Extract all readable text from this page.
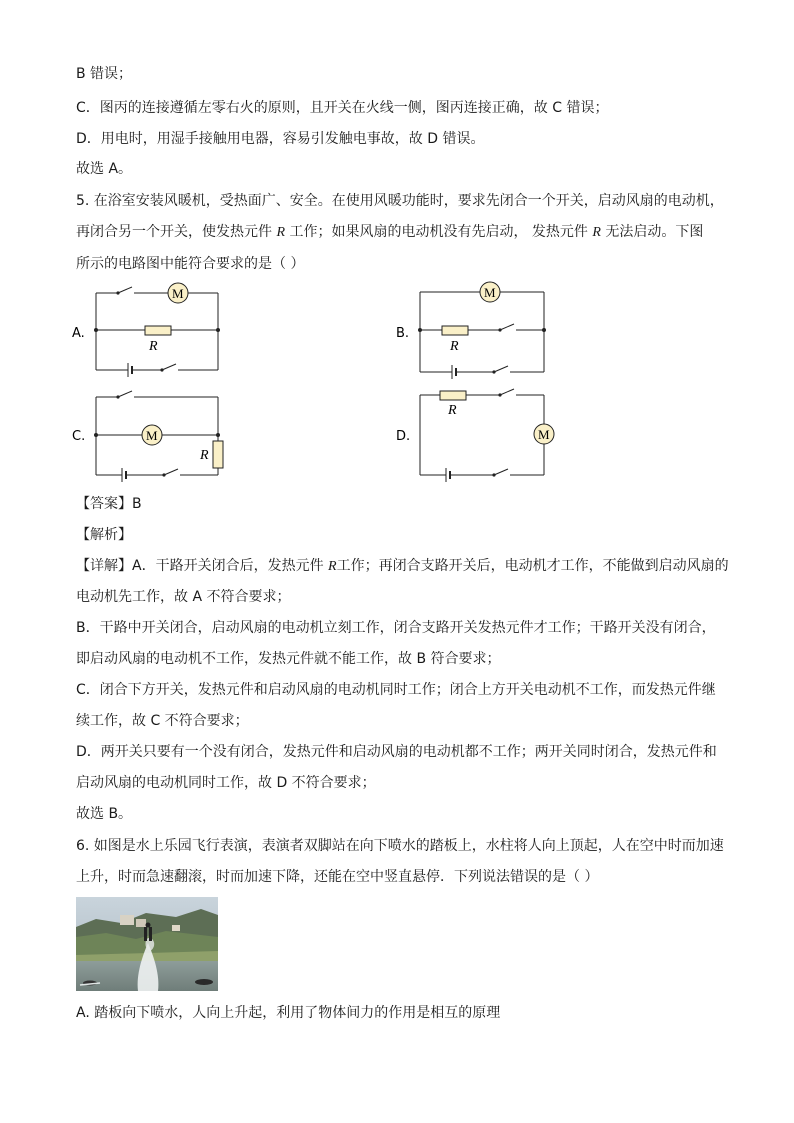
B 错误；
C．图丙的连接遵循左零右火的原则，且开关在火线一侧，图丙连接正确，故 C 错误；
D．用电时，用湿手接触用电器，容易引发触电事故，故 D 错误。
故选 A。
5. 在浴室安装风暖机，受热面广、安全。在使用风暖功能时，要求先闭合一个开关，启动风扇的电动机，
再闭合另一个开关，使发热元件 R 工作；如果风扇的电动机没有先启动， 发热元件 R 无法启动。下图
所示的电路图中能符合要求的是（ ）
A.
M
R
B.
M
R
C.	M
R
D.	M
R
【答案】B
【解析】
【详解】A．干路开关闭合后，发热元件 R工作；再闭合支路开关后，电动机才工作，不能做到启动风扇的
电动机先工作，故 A 不符合要求；
B．干路中开关闭合，启动风扇的电动机立刻工作，闭合支路开关发热元件才工作；干路开关没有闭合，
即启动风扇的电动机不工作，发热元件就不能工作，故 B 符合要求；
C．闭合下方开关，发热元件和启动风扇的电动机同时工作；闭合上方开关电动机不工作，而发热元件继
续工作，故 C 不符合要求；
D．两开关只要有一个没有闭合，发热元件和启动风扇的电动机都不工作；两开关同时闭合，发热元件和
启动风扇的电动机同时工作，故 D 不符合要求；
故选 B。
6. 如图是水上乐园飞行表演，表演者双脚站在向下喷水的踏板上，水柱将人向上顶起，人在空中时而加速
上升，时而急速翻滚，时而加速下降，还能在空中竖直悬停．下列说法错误的是（ ）
A. 踏板向下喷水，人向上升起，利用了物体间力的作用是相互的原理
